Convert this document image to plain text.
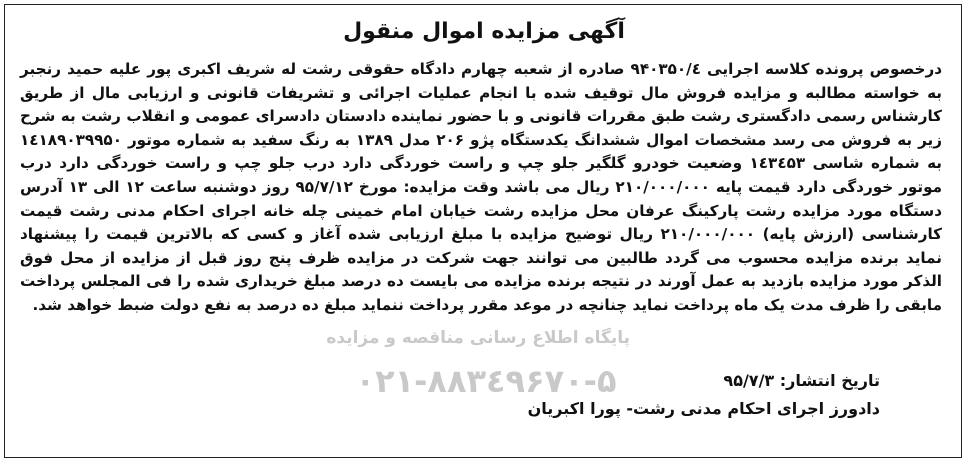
پایگاه اطلاع رسانی مناقصه و مزایده
۰۲۱-۸۸۳٤۹۶۷۰-۵
آگهی مزایده اموال منقول
درخصوص پرونده کلاسه اجرایی ۹۴۰۳۵۰/٤ صادره از شعبه چهارم دادگاه حقوقی رشت له شریف اکبری پور علیه حمید رنجبر به خواسته مطالبه و مزایده فروش مال توقیف شده با انجام عملیات اجرائی و تشریفات قانونی و ارزیابی مال از طریق کارشناس رسمی دادگستری رشت طبق مقررات قانونی و با حضور نماینده دادستان دادسرای عمومی و انقلاب رشت به شرح زیر به فروش می رسد مشخصات اموال ششدانگ یکدستگاه پژو ۲۰۶ مدل ۱۳۸۹ به رنگ سفید به شماره موتور ۱٤۱۸۹۰۳۹۹۵۰ به شماره شاسی ۱٤۳٤۵۳ وضعیت خودرو گلگیر جلو چپ و راست خوردگی دارد درب جلو چپ و راست خوردگی دارد درب موتور خوردگی دارد قیمت پایه ۲۱۰/۰۰۰/۰۰۰ ریال می باشد وقت مزایده: مورخ ۹۵/۷/۱۲ روز دوشنبه ساعت ۱۲ الی ۱۳ آدرس دستگاه مورد مزایده رشت پارکینگ عرفان محل مزایده رشت خیابان امام خمینی چله خانه اجرای احکام مدنی رشت قیمت کارشناسی (ارزش پایه) ۲۱۰/۰۰۰/۰۰۰ ریال توضیح مزایده با مبلغ ارزیابی شده آغاز و کسی که بالاترین قیمت را پیشنهاد نماید برنده مزایده محسوب می گردد طالبین می توانند جهت شرکت در مزایده ظرف پنج روز قبل از مزایده از محل فوق الذکر مورد مزایده بازدید به عمل آورند در نتیجه برنده مزایده می بایست ده درصد مبلغ خریداری شده را فی المجلس پرداخت مابقی را ظرف مدت یک ماه پرداخت نماید چنانچه در موعد مقرر پرداخت ننماید مبلغ ده درصد به نفع دولت ضبط خواهد شد.
تاریخ انتشار: ۹۵/۷/۳
دادورز اجرای احکام مدنی رشت- پورا اکبریان
